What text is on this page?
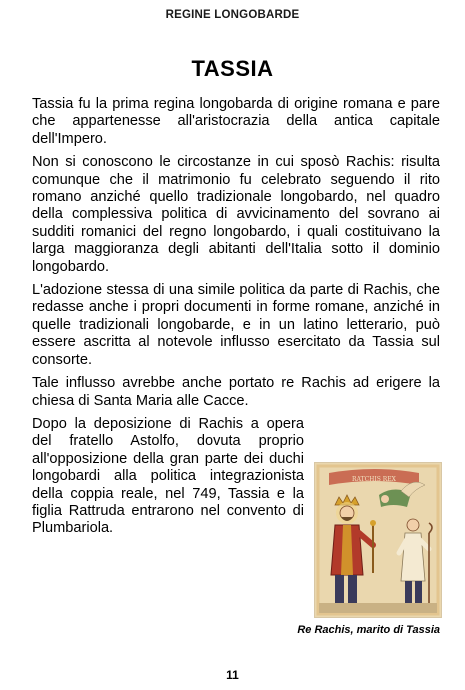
REGINE LONGOBARDE
TASSIA

Tassia fu la prima regina longobarda di origine romana e pare che appartenesse all'aristocrazia della antica capitale dell'Impero.

Non si conoscono le circostanze in cui sposò Rachis: risulta comunque che il matrimonio fu celebrato seguendo il rito romano anziché quello tradizionale longobardo, nel quadro della complessiva politica di avvicinamento del sovrano ai sudditi romanici del regno longobardo, i quali costituivano la larga maggioranza degli abitanti dell'Italia sotto il dominio longobardo.

L'adozione stessa di una simile politica da parte di Rachis, che redasse anche i propri documenti in forme romane, anziché in quelle tradizionali longobarde, e in un latino letterario, può essere ascritta al notevole influsso esercitato da Tassia sul consorte.

Tale influsso avrebbe anche portato re Rachis ad erigere la chiesa di Santa Maria alle Cacce.

Dopo la deposizione di Rachis a opera del fratello Astolfo, dovuta proprio all'opposizione della gran parte dei duchi longobardi alla politica integrazionista della coppia reale, nel 749, Tassia e la figlia Rattruda entrarono nel convento di Plumbariola.

RATCHIS REX
Re Rachis, marito di Tassia
11
